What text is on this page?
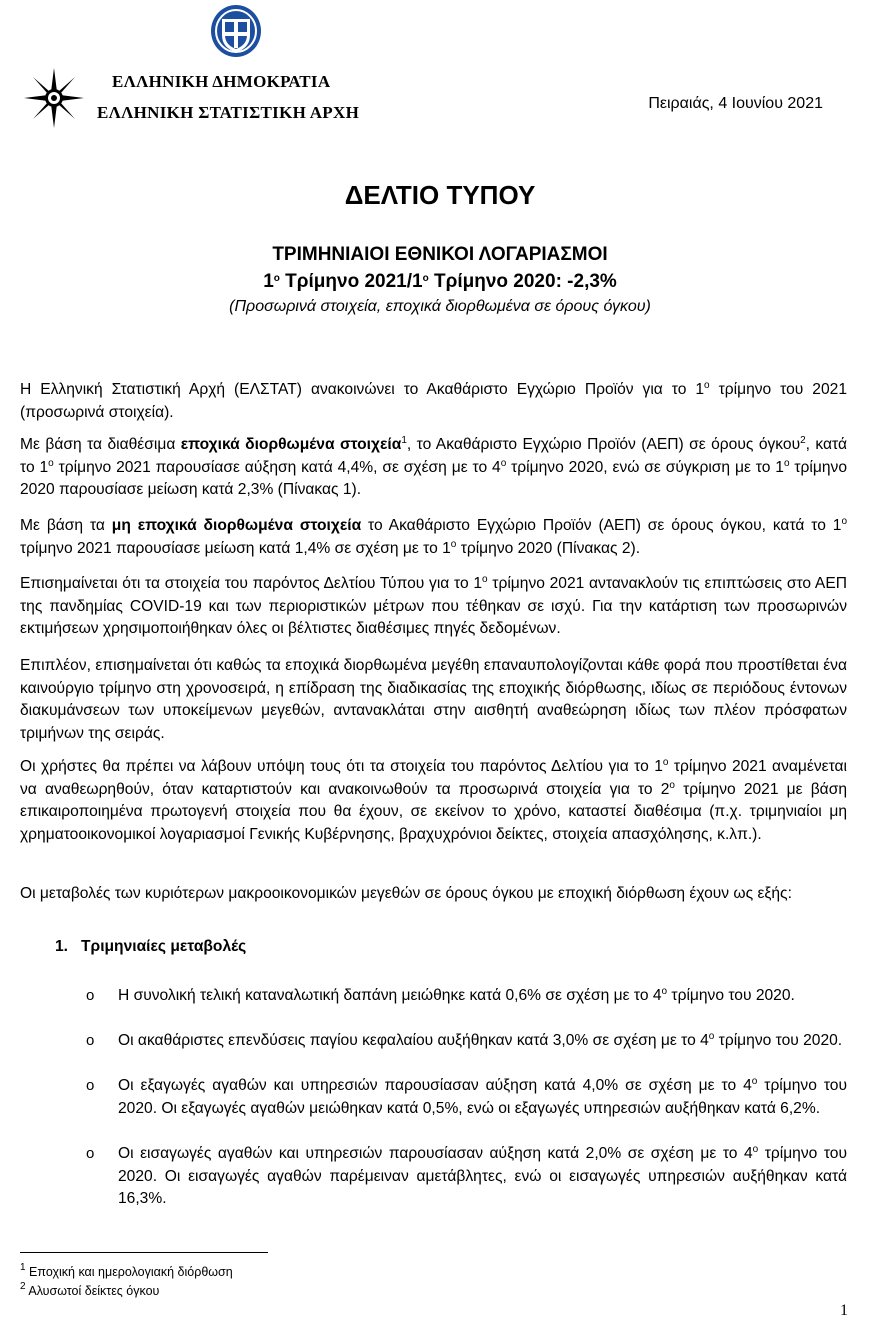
ΕΛΛΗΝΙΚΗ ΔΗΜΟΚΡΑΤΙΑ
ΕΛΛΗΝΙΚΗ ΣΤΑΤΙΣΤΙΚΗ ΑΡΧΗ	Πειραιάς, 4 Ιουνίου 2021
ΔΕΛΤΙΟ ΤΥΠΟΥ
ΤΡΙΜΗΝΙΑΙΟΙ ΕΘΝΙΚΟΙ ΛΟΓΑΡΙΑΣΜΟΙ
$1^o$ Τρίμηνο $2021/1^o$ Τρίμηνο 2020: -2,3%
(Προσωρινά στοιχεία, εποχικά διορθωμένα σε όρους όγκου)
Η Ελληνική Στατιστική Αρχή (ΕΛΣΤΑΤ) ανακοινώνει το Ακαθάριστο Εγχώριο Προϊόν για το $1^o$ τρίμηνο του 2021 (προσωρινά στοιχεία).
Με βάση τα διαθέσιμα εποχικά διορθωμένα στοιχεία$^1$, το Ακαθάριστο Εγχώριο Προϊόν (ΑΕΠ) σε όρους όγκου$^2$, κατά το $1^o$ τρίμηνο 2021 παρουσίασε αύξηση κατά 4,4%, σε σχέση με το $4^o$ τρίμηνο 2020, ενώ σε σύγκριση με το $1^o$ τρίμηνο 2020 παρουσίασε μείωση κατά 2,3% (Πίνακας 1).
Με βάση τα μη εποχικά διορθωμένα στοιχεία το Ακαθάριστο Εγχώριο Προϊόν (ΑΕΠ) σε όρους όγκου, κατά το $1^o$ τρίμηνο 2021 παρουσίασε μείωση κατά 1,4% σε σχέση με το $1^o$ τρίμηνο 2020 (Πίνακας 2).
Επισημαίνεται ότι τα στοιχεία του παρόντος Δελτίου Τύπου για το $1^o$ τρίμηνο 2021 αντανακλούν τις επιπτώσεις στο ΑΕΠ της πανδημίας COVID-19 και των περιοριστικών μέτρων που τέθηκαν σε ισχύ. Για την κατάρτιση των προσωρινών εκτιμήσεων χρησιμοποιήθηκαν όλες οι βέλτιστες διαθέσιμες πηγές δεδομένων.
Επιπλέον, επισημαίνεται ότι καθώς τα εποχικά διορθωμένα μεγέθη επαναυπολογίζονται κάθε φορά που προστίθεται ένα καινούργιο τρίμηνο στη χρονοσειρά, η επίδραση της διαδικασίας της εποχικής διόρθωσης, ιδίως σε περιόδους έντονων διακυμάνσεων των υποκείμενων μεγεθών, αντανακλάται στην αισθητή αναθεώρηση ιδίως των πλέον πρόσφατων τριμήνων της σειράς.
Οι χρήστες θα πρέπει να λάβουν υπόψη τους ότι τα στοιχεία του παρόντος Δελτίου για το $1^o$ τρίμηνο 2021 αναμένεται να αναθεωρηθούν, όταν καταρτιστούν και ανακοινωθούν τα προσωρινά στοιχεία για το $2^o$ τρίμηνο 2021 με βάση επικαιροποιημένα πρωτογενή στοιχεία που θα έχουν, σε εκείνον το χρόνο, καταστεί διαθέσιμα (π.χ. τριμηνιαίοι μη χρηματοοικονομικοί λογαριασμοί Γενικής Κυβέρνησης, βραχυχρόνιοι δείκτες, στοιχεία απασχόλησης, κ.λπ.).
Οι μεταβολές των κυριότερων μακροοικονομικών μεγεθών σε όρους όγκου με εποχική διόρθωση έχουν ως εξής:
1. Τριμηνιαίες μεταβολές
o Η συνολική τελική καταναλωτική δαπάνη μειώθηκε κατά 0,6% σε σχέση με το $4^o$ τρίμηνο του 2020.
o Οι ακαθάριστες επενδύσεις παγίου κεφαλαίου αυξήθηκαν κατά 3,0% σε σχέση με το $4^o$ τρίμηνο του 2020.
o Οι εξαγωγές αγαθών και υπηρεσιών παρουσίασαν αύξηση κατά 4,0% σε σχέση με το $4^o$ τρίμηνο του 2020. Οι εξαγωγές αγαθών μειώθηκαν κατά 0,5%, ενώ οι εξαγωγές υπηρεσιών αυξήθηκαν κατά 6,2%.
o Οι εισαγωγές αγαθών και υπηρεσιών παρουσίασαν αύξηση κατά 2,0% σε σχέση με το $4^o$ τρίμηνο του 2020. Οι εισαγωγές αγαθών παρέμειναν αμετάβλητες, ενώ οι εισαγωγές υπηρεσιών αυξήθηκαν κατά 16,3%.
$^1$ Εποχική και ημερολογιακή διόρθωση
$^2$ Αλυσωτοί δείκτες όγκου
1
